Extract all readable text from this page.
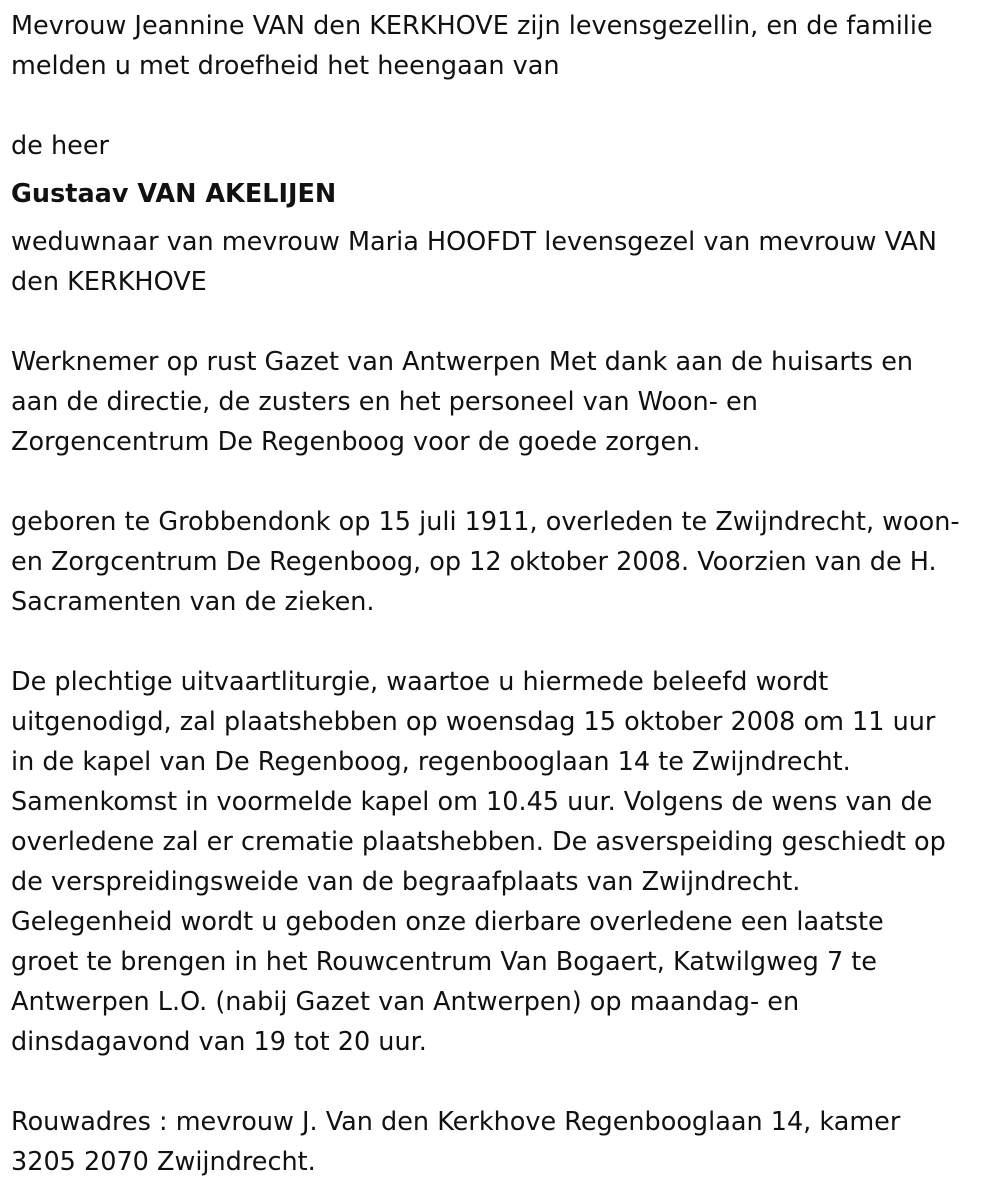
Mevrouw Jeannine VAN den KERKHOVE zijn levensgezellin, en de familie
melden u met droefheid het heengaan van

de heer

Gustaav VAN AKELIJEN

weduwnaar van mevrouw Maria HOOFDT levensgezel van mevrouw VAN
den KERKHOVE

Werknemer op rust Gazet van Antwerpen Met dank aan de huisarts en
aan de directie, de zusters en het personeel van Woon- en
Zorgencentrum De Regenboog voor de goede zorgen.

geboren te Grobbendonk op 15 juli 1911, overleden te Zwijndrecht, woon-
en Zorgcentrum De Regenboog, op 12 oktober 2008. Voorzien van de H.
Sacramenten van de zieken.

De plechtige uitvaartliturgie, waartoe u hiermede beleefd wordt
uitgenodigd, zal plaatshebben op woensdag 15 oktober 2008 om 11 uur
in de kapel van De Regenboog, regenbooglaan 14 te Zwijndrecht.
Samenkomst in voormelde kapel om 10.45 uur. Volgens de wens van de
overledene zal er crematie plaatshebben. De asverspeiding geschiedt op
de verspreidingsweide van de begraafplaats van Zwijndrecht.
Gelegenheid wordt u geboden onze dierbare overledene een laatste
groet te brengen in het Rouwcentrum Van Bogaert, Katwilgweg 7 te
Antwerpen L.O. (nabij Gazet van Antwerpen) op maandag- en
dinsdagavond van 19 tot 20 uur.

Rouwadres : mevrouw J. Van den Kerkhove Regenbooglaan 14, kamer
3205 2070 Zwijndrecht.
